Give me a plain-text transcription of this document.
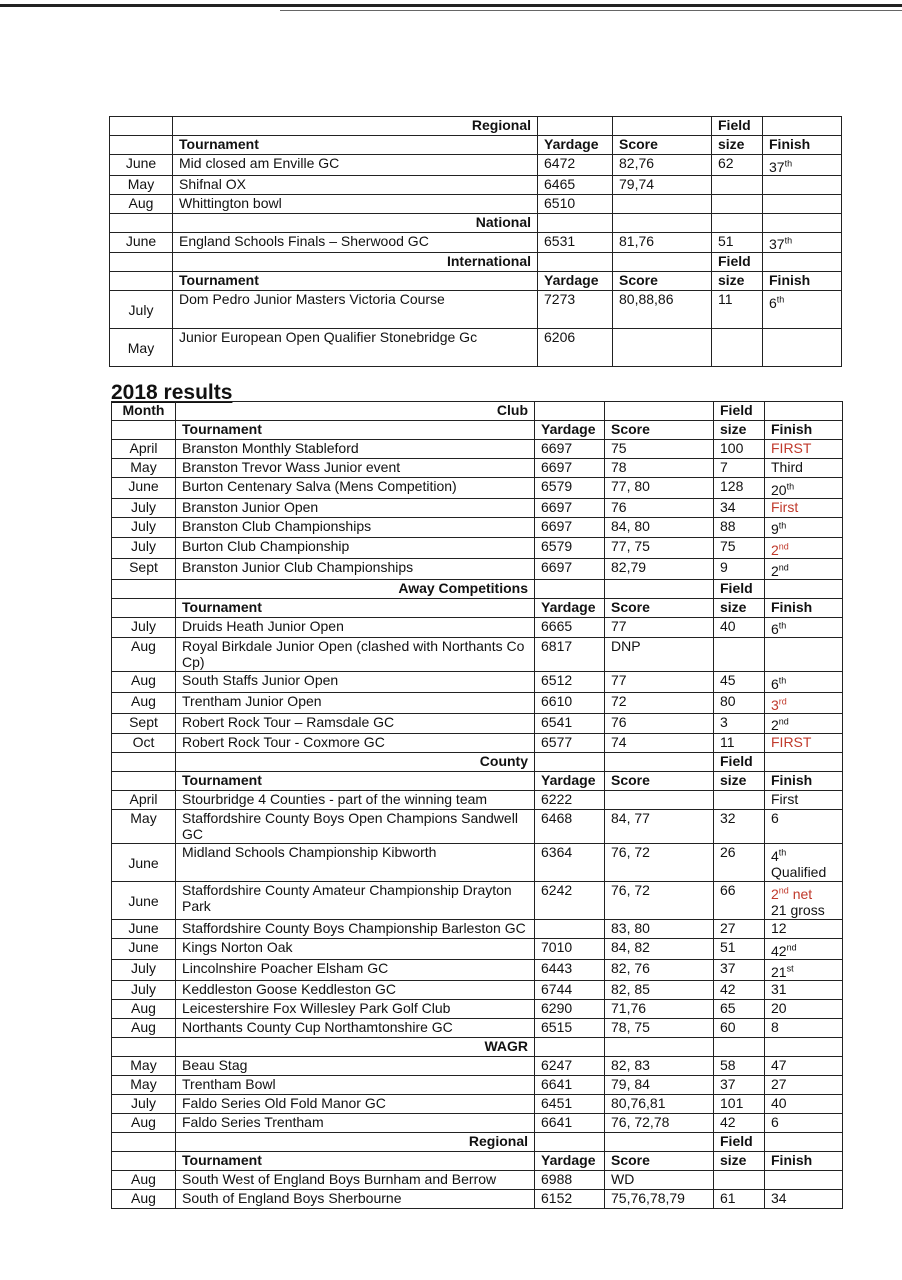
	Regional			Field	
	Tournament	Yardage	Score	size	Finish
June	Mid closed am Enville GC	6472	82,76	62	37th
May	Shifnal OX	6465	79,74		
Aug	Whittington bowl	6510			
	National				
June	England Schools Finals – Sherwood GC	6531	81,76	51	37th
	International			Field	
	Tournament	Yardage	Score	size	Finish
July	Dom Pedro Junior Masters Victoria Course	7273	80,88,86	11	6th
May	Junior European Open Qualifier Stonebridge Gc	6206			
2018 results
Month	Club			Field	
	Tournament	Yardage	Score	size	Finish
April	Branston Monthly Stableford	6697	75	100	FIRST
May	Branston Trevor Wass Junior event	6697	78	7	Third
June	Burton Centenary Salva (Mens Competition)	6579	77, 80	128	20th
July	Branston Junior Open	6697	76	34	First
July	Branston Club Championships	6697	84, 80	88	9th
July	Burton Club Championship	6579	77, 75	75	2nd
Sept	Branston Junior Club Championships	6697	82,79	9	2nd
	Away Competitions			Field	
	Tournament	Yardage	Score	size	Finish
July	Druids Heath Junior Open	6665	77	40	6th
Aug	Royal Birkdale Junior Open (clashed with Northants Co Cp)	6817	DNP		
Aug	South Staffs Junior Open	6512	77	45	6th
Aug	Trentham Junior Open	6610	72	80	3rd
Sept	Robert Rock Tour – Ramsdale GC	6541	76	3	2nd
Oct	Robert Rock Tour - Coxmore GC	6577	74	11	FIRST
	County			Field	
	Tournament	Yardage	Score	size	Finish
April	Stourbridge 4 Counties - part of the winning team	6222			First
May	Staffordshire County Boys Open Champions Sandwell GC	6468	84, 77	32	6
June	Midland Schools Championship Kibworth	6364	76, 72	26	4th
Qualified
June	Staffordshire County Amateur Championship Drayton Park	6242	76, 72	66	2nd net
21 gross
June	Staffordshire County Boys Championship Barleston GC		83, 80	27	12
June	Kings Norton Oak	7010	84, 82	51	42nd
July	Lincolnshire Poacher Elsham GC	6443	82, 76	37	21st
July	Keddleston Goose Keddleston GC	6744	82, 85	42	31
Aug	Leicestershire Fox Willesley Park Golf Club	6290	71,76	65	20
Aug	Northants County Cup Northamtonshire GC	6515	78, 75	60	8
	WAGR				
May	Beau Stag	6247	82, 83	58	47
May	Trentham Bowl	6641	79, 84	37	27
July	Faldo Series Old Fold Manor GC	6451	80,76,81	101	40
Aug	Faldo Series Trentham	6641	76, 72,78	42	6
	Regional			Field	
	Tournament	Yardage	Score	size	Finish
Aug	South West of England Boys Burnham and Berrow	6988	WD		
Aug	South of England Boys Sherbourne	6152	75,76,78,79	61	34
